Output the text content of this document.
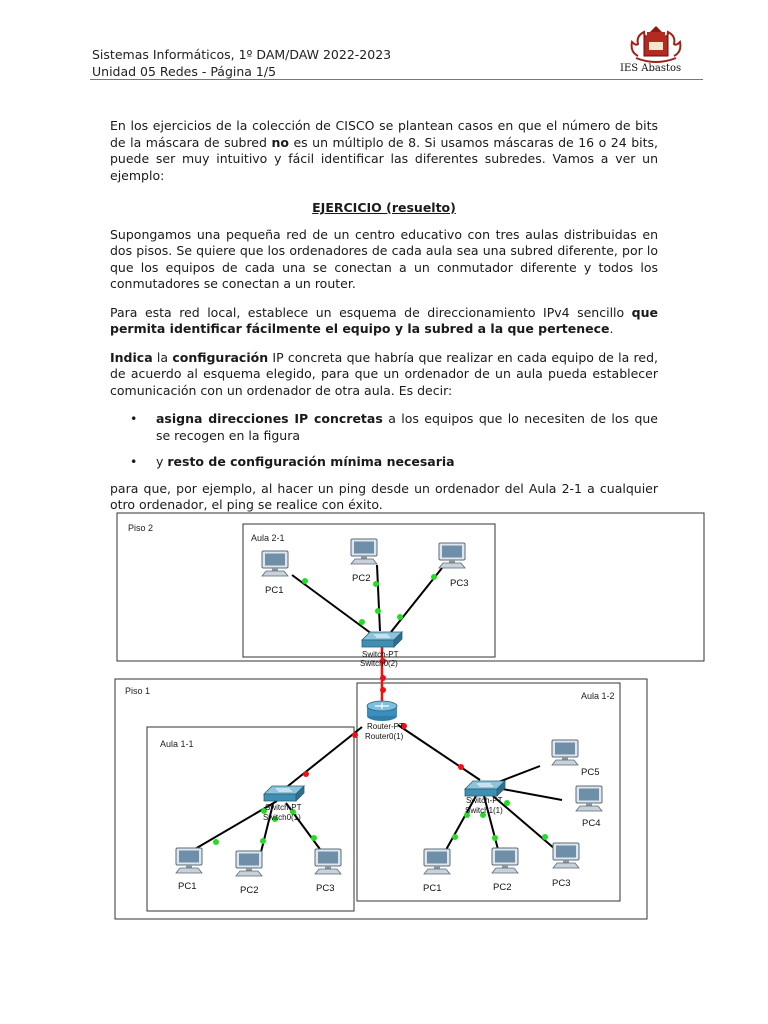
Sistemas Informáticos, 1º DAM/DAW 2022-2023
Unidad 05 Redes - Página 1/5	IES Abastos

En los ejercicios de la colección de CISCO se plantean casos en que el número de bits de la máscara de subred no es un múltiplo de 8. Si usamos máscaras de 16 o 24 bits, puede ser muy intuitivo y fácil identificar las diferentes subredes. Vamos a ver un ejemplo:

EJERCICIO (resuelto)

Supongamos una pequeña red de un centro educativo con tres aulas distribuidas en dos pisos. Se quiere que los ordenadores de cada aula sea una subred diferente, por lo que los equipos de cada una se conectan a un conmutador diferente y todos los conmutadores se conectan a un router.

Para esta red local, establece un esquema de direccionamiento IPv4 sencillo que permita identificar fácilmente el equipo y la subred a la que pertenece.

Indica la configuración IP concreta que habría que realizar en cada equipo de la red, de acuerdo al esquema elegido, para que un ordenador de un aula pueda establecer comunicación con un ordenador de otra aula. Es decir:

• asigna direcciones IP concretas a los equipos que lo necesiten de los que se recogen en la figura
• y resto de configuración mínima necesaria

para que, por ejemplo, al hacer un ping desde un ordenador del Aula 2-1 a cualquier otro ordenador, el ping se realice con éxito.

Piso 2
Aula 2-1
Piso 1
Aula 1-1
Aula 1-2
Switch-PT
Switch0(2)
Router-PT
Router0(1)
Switch-PT
Switch0(1)
Switch-PT
Switch1(1)
PC1
PC2	PC3
PC1	PC2	PC3	PC1	PC2	PC3
PC4
PC5
